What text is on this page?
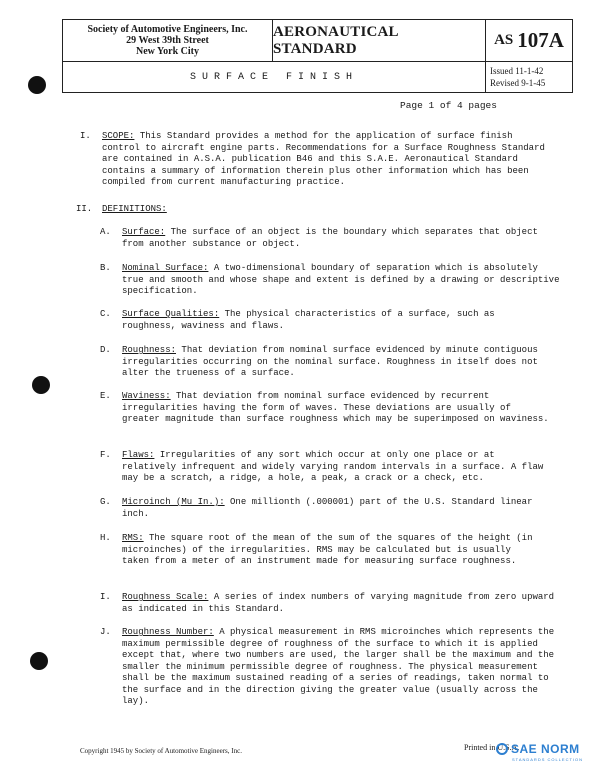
Society of Automotive Engineers, Inc.
29 West 39th Street
New York City
AERONAUTICAL STANDARD
AS 107A
SURFACE FINISH
Issued 11-1-42
Revised 9-1-45
Page 1 of 4 pages
I. SCOPE: This Standard provides a method for the application of surface finish control to aircraft engine parts. Recommendations for a Surface Roughness Standard are contained in A.S.A. publication B46 and this S.A.E. Aeronautical Standard contains a summary of information therein plus other information which has been compiled from current manufacturing practice.
II. DEFINITIONS:
A. Surface: The surface of an object is the boundary which separates that object from another substance or object.
B. Nominal Surface: A two-dimensional boundary of separation which is absolutely true and smooth and whose shape and extent is defined by a drawing or descriptive specification.
C. Surface Qualities: The physical characteristics of a surface, such as roughness, waviness and flaws.
D. Roughness: That deviation from nominal surface evidenced by minute contiguous irregularities occurring on the nominal surface. Roughness in itself does not alter the trueness of a surface.
E. Waviness: That deviation from nominal surface evidenced by recurrent irregularities having the form of waves. These deviations are usually of greater magnitude than surface roughness which may be superimposed on waviness.
F. Flaws: Irregularities of any sort which occur at only one place or at relatively infrequent and widely varying random intervals in a surface. A flaw may be a scratch, a ridge, a hole, a peak, a crack or a check, etc.
G. Microinch (Mu In.): One millionth (.000001) part of the U.S. Standard linear inch.
H. RMS: The square root of the mean of the sum of the squares of the height (in microinches) of the irregularities. RMS may be calculated but is usually taken from a meter of an instrument made for measuring surface roughness.
I. Roughness Scale: A series of index numbers of varying magnitude from zero upward as indicated in this Standard.
J. Roughness Number: A physical measurement in RMS microinches which represents the maximum permissible degree of roughness of the surface to which it is applied except that, where two numbers are used, the larger shall be the maximum and the smaller the minimum permissible degree of roughness. The physical measurement shall be the maximum sustained reading of a series of readings, taken normal to the surface and in the direction giving the greater value (usually across the lay).
Copyright 1945 by Society of Automotive Engineers, Inc.	Printed in U.S.A.
SAE NORM
STANDARDS COLLECTION
